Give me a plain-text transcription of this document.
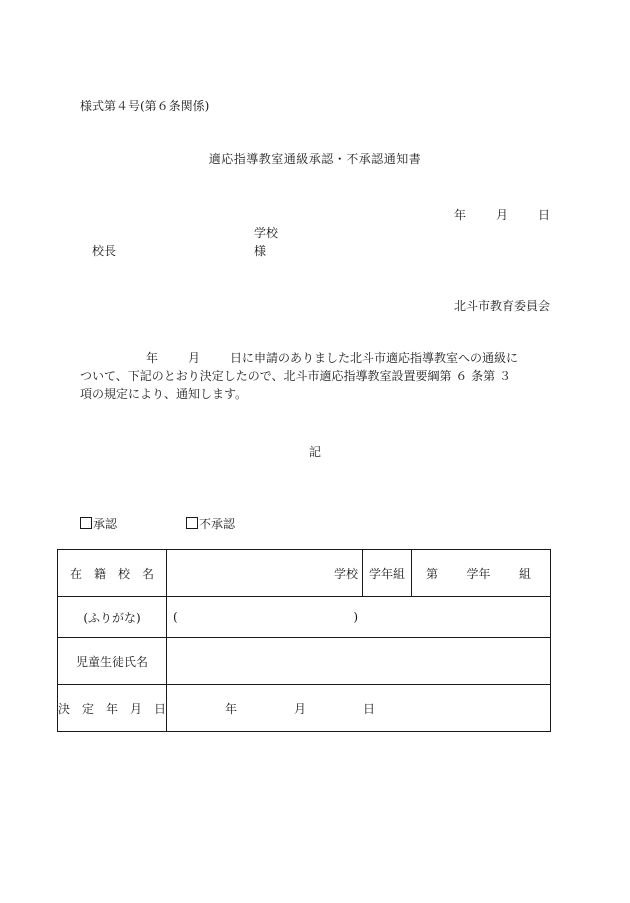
様式第４号(第６条関係)
適応指導教室通級承認・不承認通知書
年	月	日
学校
校長	様
北斗市教育委員会
年	月	日に申請のありました北斗市適応指導教室への通級に
ついて、下記のとおり決定したので、北斗市適応指導教室設置要綱第 ６ 条第 ３
項の規定により、通知します。
記
承認	不承認
在　籍　校　名	学校	学年組	第 学年 組

(ふりがな)	( )		

児童生徒氏名			
決　定　年　月　日	年 月 日		
